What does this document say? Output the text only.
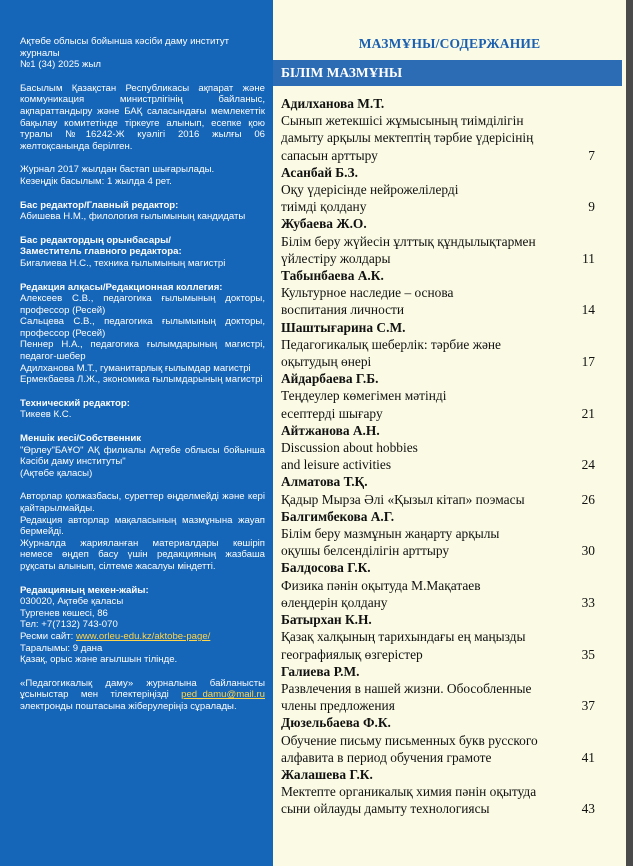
Ақтөбе облысы бойынша кәсіби даму институт журналы
№1 (34) 2025 жыл

Басылым Қазақстан Республикасы ақпарат және коммуникация министрлігінің байланыс, ақпараттандыру және БАҚ саласындағы мемлекеттік бақылау комитетінде тіркеуге алынып, есепке қою туралы №16242-Ж куәлігі 2016 жылғы 06 желтоқсанында берілген.

Журнал 2017 жылдан бастап шығарылады.
Кезеңдік басылым: 1 жылда 4 рет.

Бас редактор/Главный редактор:

Абишева Н.М., филология ғылымының кандидаты

Бас редактордың орынбасары/
Заместитель главного редактора:

Бигалиева Н.С., техника ғылымының магистрі

Редакция алқасы/Редакционная коллегия:

Алексеев С.В., педагогика ғылымының докторы, профессор (Ресей)
Сальцева С.В., педагогика ғылымының докторы, профессор (Ресей)
Пеннер Н.А., педагогика ғылымдарының магистрі, педагог-шебер
Адилханова М.Т., гуманитарлық ғылымдар магистрі
Ермекбаева Л.Ж., экономика ғылымдарының магистрі

Технический редактор:

Тикеев К.С.

Меншік иесі/Собственник

"Өрлеу"БАҰО" АҚ филиалы Ақтөбе облысы бойынша Кәсіби даму институты"
(Ақтөбе қаласы)

Авторлар қолжазбасы, суреттер өңделмейді және кері қайтарылмайды.
Редакция авторлар мақаласының мазмұнына жауап бермейді.
Журналда жарияланған материалдары көшіріп немесе өңдеп басу үшін редакцияның жазбаша рұқсаты алынып, сілтеме жасалуы міндетті.

Редакцияның мекен-жайы:

030020, Ақтөбе қаласы
Тургенев көшесі, 86
Тел: +7(7132) 743-070

Ресми сайт: www.orleu-edu.kz/aktobe-page/

Таралымы: 9 дана
Қазақ, орыс және ағылшын тілінде.

«Педагогикалық даму» журналына байланысты ұсыныстар мен тілектеріңізді ped_damu@mail.ru электронды поштасына жіберулеріңіз сұралады.

МАЗМҰНЫ/СОДЕРЖАНИЕ
БІЛІМ МАЗМҰНЫ
Адилханова М.Т.
Сынып жетекшісі жұмысының тиімділігін
дамыту арқылы мектептің тәрбие үдерісінің
сапасын арттыру	7
Асанбай Б.З.
Оқу үдерісінде нейрожелілерді
тиімді қолдану	9
Жубаева Ж.О.
Білім беру жүйесін ұлттық құндылықтармен
үйлестіру жолдары	11
Табынбаева А.К.
Культурное наследие – основа
воспитания личности	14
Шаштығарина С.М.
Педагогикалық шеберлік: тәрбие және
оқытудың өнері	17
Айдарбаева Г.Б.
Теңдеулер көмегімен мәтінді
есептерді шығару	21
Айтжанова А.Н.
Discussion about hobbies
and leisure activities	24
Алматова Т.Қ.
Қадыр Мырза Әлі «Қызыл кітап» поэмасы	26
Балгимбекова А.Г.
Білім беру мазмұнын жаңарту арқылы
оқушы белсенділігін арттыру	30
Балдосова Г.К.
Физика пәнін оқытуда М.Мақатаев
өлеңдерін қолдану	33
Батырхан К.Н.
Қазақ халқының тарихындағы ең маңызды
географиялық өзгерістер	35
Галиева Р.М.
Развлечения в нашей жизни. Обособленные
члены предложения	37
Дюзельбаева Ф.К.
Обучение письму письменных букв русского
алфавита в период обучения грамоте	41
Жалашева Г.К.
Мектепте органикалық химия пәнін оқытуда
сыни ойлауды дамыту технологиясы	43
